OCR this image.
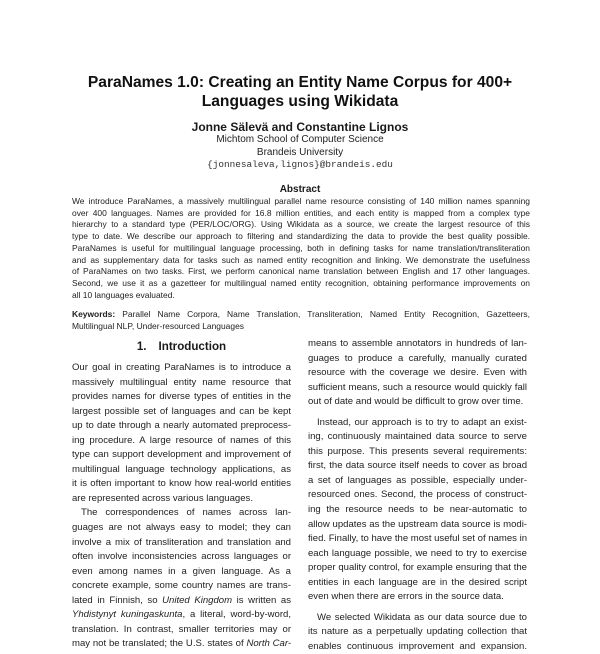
ParaNames 1.0: Creating an Entity Name Corpus for 400+
Languages using Wikidata
Jonne Sälevä and Constantine Lignos
Michtom School of Computer Science
Brandeis University
{jonnesaleva,lignos}@brandeis.edu
Abstract
We introduce ParaNames, a massively multilingual parallel name resource consisting of 140 million names spanning
over 400 languages. Names are provided for 16.8 million entities, and each entity is mapped from a complex type
hierarchy to a standard type (PER/LOC/ORG). Using Wikidata as a source, we create the largest resource of this
type to date. We describe our approach to filtering and standardizing the data to provide the best quality possible.
ParaNames is useful for multilingual language processing, both in defining tasks for name translation/transliteration
and as supplementary data for tasks such as named entity recognition and linking. We demonstrate the usefulness
of ParaNames on two tasks. First, we perform canonical name translation between English and 17 other languages.
Second, we use it as a gazetteer for multilingual named entity recognition, obtaining performance improvements on
all 10 languages evaluated.
Keywords: Parallel Name Corpora, Name Translation, Transliteration, Named Entity Recognition, Gazetteers,
Multilingual NLP, Under-resourced Languages
1. Introduction
Our goal in creating ParaNames is to introduce a
massively multilingual entity name resource that
provides names for diverse types of entities in the
largest possible set of languages and can be kept
up to date through a nearly automated preprocess-
ing procedure. A large resource of names of this
type can support development and improvement of
multilingual language technology applications, as
it is often important to know how real-world entities
are represented across various languages.
The correspondences of names across lan-
guages are not always easy to model; they can
involve a mix of transliteration and translation and
often involve inconsistencies across languages or
even among names in a given language. As a
concrete example, some country names are trans-
lated in Finnish, so United Kingdom is written as
Yhdistynyt kuningaskunta, a literal, word-by-word,
translation. In contrast, smaller territories may or
may not be translated; the U.S. states of North Car-
means to assemble annotators in hundreds of lan-
guages to produce a carefully, manually curated
resource with the coverage we desire. Even with
sufficient means, such a resource would quickly fall
out of date and would be difficult to grow over time.
Instead, our approach is to try to adapt an exist-
ing, continuously maintained data source to serve
this purpose. This presents several requirements:
first, the data source itself needs to cover as broad
a set of languages as possible, especially under-
resourced ones. Second, the process of construct-
ing the resource needs to be near-automatic to
allow updates as the upstream data source is modi-
fied. Finally, to have the most useful set of names in
each language possible, we need to try to exercise
proper quality control, for example ensuring that the
entities in each language are in the desired script
even when there are errors in the source data.
We selected Wikidata as our data source due to
its nature as a perpetually updating collection that
enables continuous improvement and expansion.
